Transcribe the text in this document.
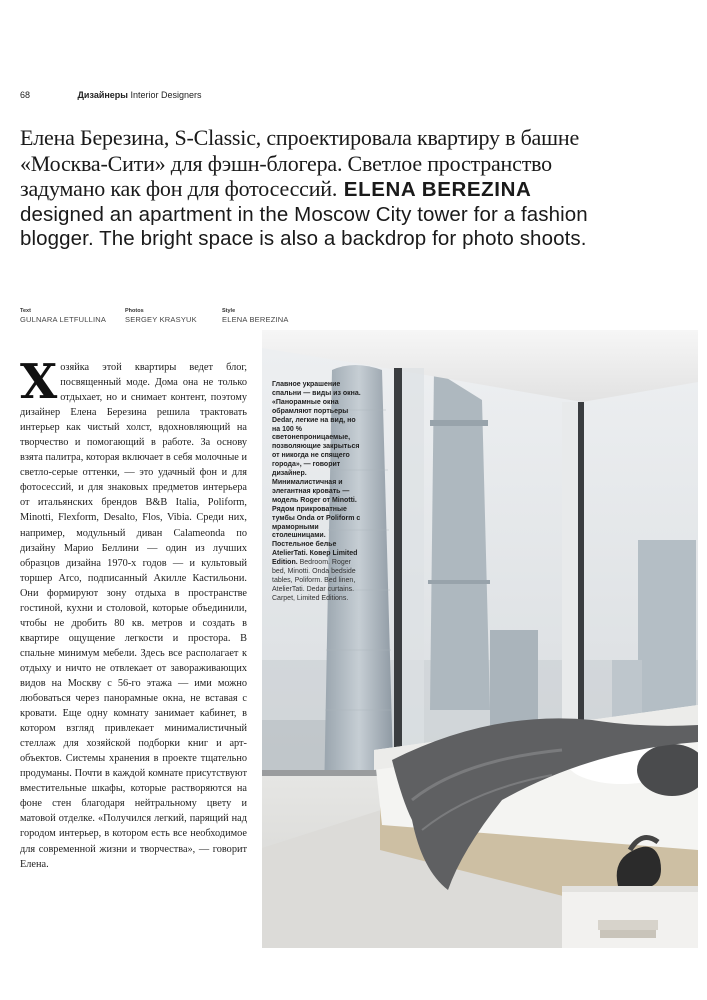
68	Дизайнеры Interior Designers
Елена Березина, S-Classic, спроектировала квартиру в башне «Москва-Сити» для фэшн-блогера. Светлое пространство задумано как фон для фотосессий. ELENA BEREZINA designed an apartment in the Moscow City tower for a fashion blogger. The bright space is also a backdrop for photo shoots.
Text
GULNARA LETFULLINA
Photos
SERGEY KRASYUK
Style
ELENA BEREZINA

Хозяйка этой квартиры ведет блог, посвященный моде. Дома она не только отдыхает, но и снимает контент, поэтому дизайнер Елена Березина решила трактовать интерьер как чистый холст, вдохновляющий на творчество и помогающий в работе. За основу взята палитра, которая включает в себя молочные и светло-серые оттенки, — это удачный фон и для фотосессий, и для знаковых предметов интерьера от итальянских брендов B&B Italia, Poliform, Minotti, Flexform, Desalto, Flos, Vibia. Среди них, например, модульный диван Calameonda по дизайну Марио Беллини — один из лучших образцов дизайна 1970-х годов — и культовый торшер Arco, подписанный Акилле Кастильони. Они формируют зону отдыха в пространстве гостиной, кухни и столовой, которые объединили, чтобы не дробить 80 кв. метров и создать в квартире ощущение легкости и простора. В спальне минимум мебели. Здесь все располагает к отдыху и ничто не отвлекает от завораживающих видов на Москву с 56-го этажа — ими можно любоваться через панорамные окна, не вставая с кровати. Еще одну комнату занимает кабинет, в котором взгляд привлекает минималистичный стеллаж для хозяйской подборки книг и арт-объектов. Системы хранения в проекте тщательно продуманы. Почти в каждой комнате присутствуют вместительные шкафы, которые растворяются на фоне стен благодаря нейтральному цвету и матовой отделке. «Получился легкий, парящий над городом интерьер, в котором есть все необходимое для современной жизни и творчества», — говорит Елена.

Главное украшение спальни — виды из окна. «Панорамные окна обрамляют портьеры Dedar, легкие на вид, но на 100 % светонепроницаемые, позволяющие закрыться от никогда не спящего города», — говорит дизайнер. Минималистичная и элегантная кровать — модель Roger от Minotti. Рядом прикроватные тумбы Onda от Poliform с мраморными столешницами. Постельное белье AtelierTati. Ковер Limited Edition. Bedroom. Roger bed, Minotti. Onda bedside tables, Poliform. Bed linen, AtelierTati. Dedar curtains. Carpet, Limited Editions.
